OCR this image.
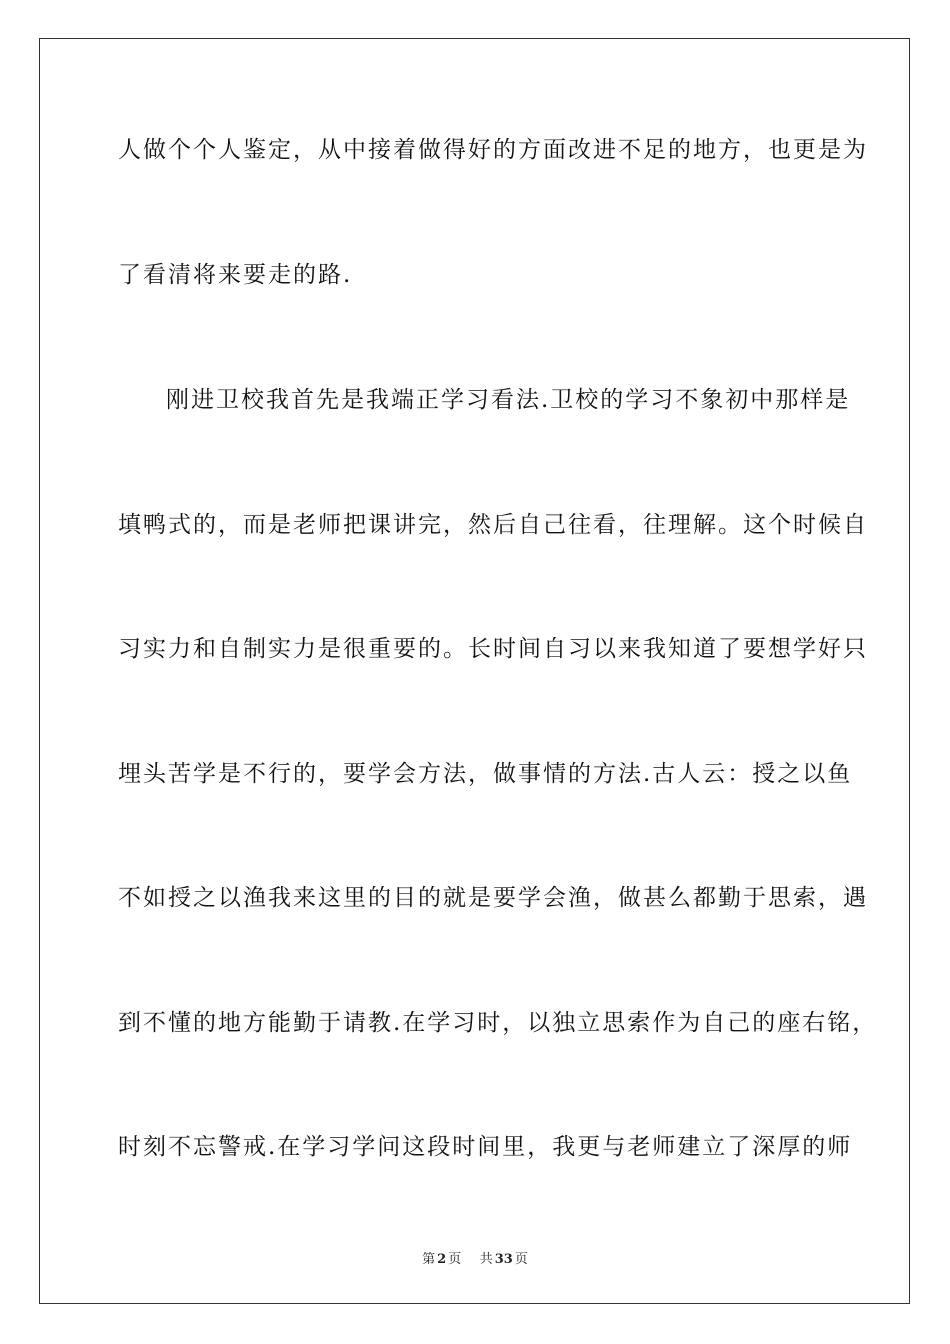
人做个个人鉴定，从中接着做得好的方面改进不足的地方，也更是为
了看清将来要走的路.
刚进卫校我首先是我端正学习看法.卫校的学习不象初中那样是
填鸭式的，而是老师把课讲完，然后自己往看，往理解。这个时候自
习实力和自制实力是很重要的。长时间自习以来我知道了要想学好只
埋头苦学是不行的，要学会方法，做事情的方法.古人云：授之以鱼
不如授之以渔我来这里的目的就是要学会渔，做甚么都勤于思索，遇
到不懂的地方能勤于请教.在学习时，以独立思索作为自己的座右铭，
时刻不忘警戒.在学习学问这段时间里，我更与老师建立了深厚的师
第 2 页 共 33 页
